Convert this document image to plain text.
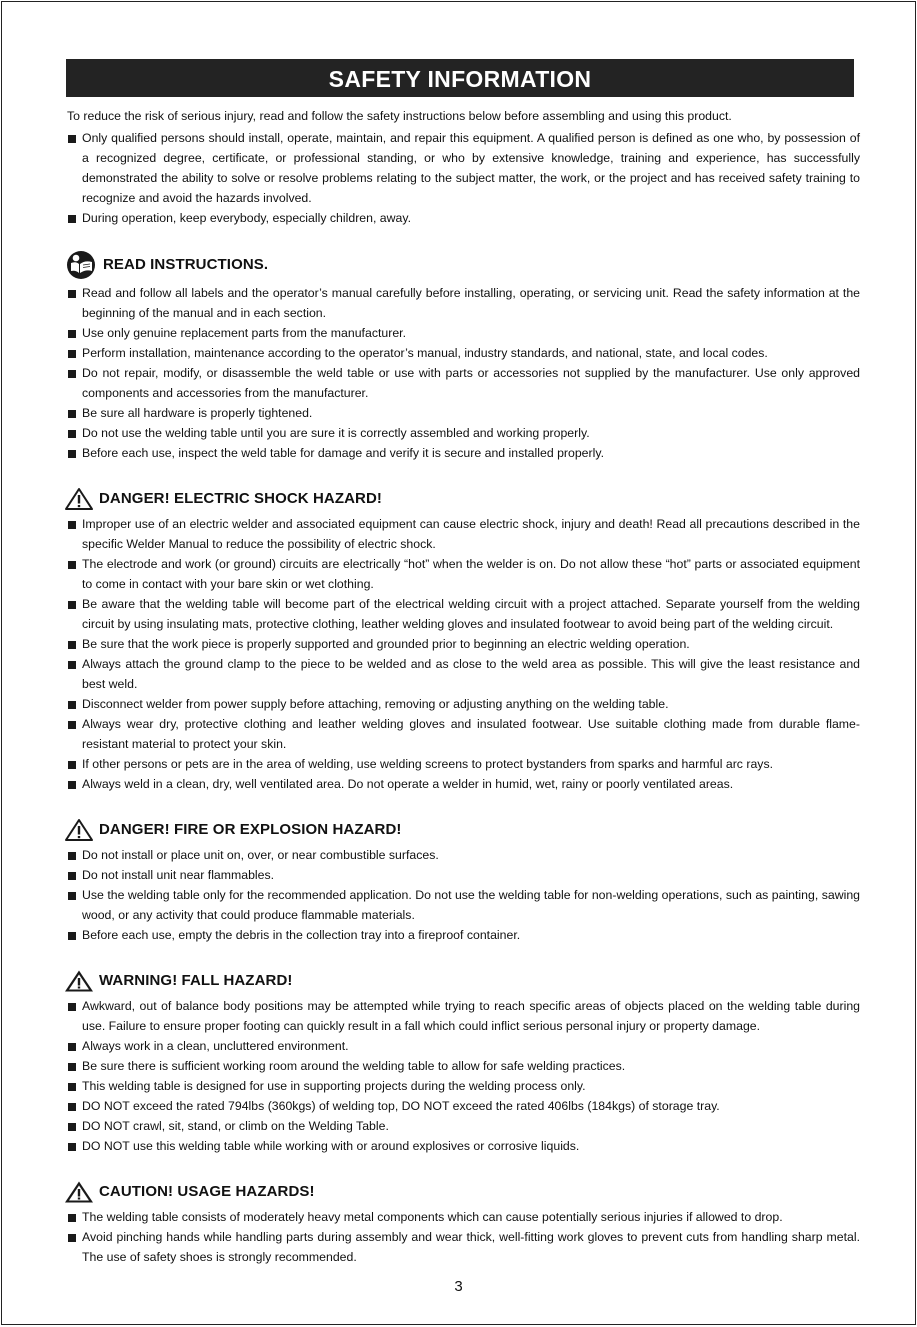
SAFETY INFORMATION

To reduce the risk of serious injury, read and follow the safety instructions below before assembling and using this product.

Only qualified persons should install, operate, maintain, and repair this equipment. A qualified person is defined as one who, by possession of a recognized degree, certificate, or professional standing, or who by extensive knowledge, training and experience, has successfully demonstrated the ability to solve or resolve problems relating to the subject matter, the work, or the project and has received safety training to recognize and avoid the hazards involved.
During operation, keep everybody, especially children, away.
READ INSTRUCTIONS.
Read and follow all labels and the operator’s manual carefully before installing, operating, or servicing unit. Read the safety information at the beginning of the manual and in each section.
Use only genuine replacement parts from the manufacturer.
Perform installation, maintenance according to the operator’s manual, industry standards, and national, state, and local codes.
Do not repair, modify, or disassemble the weld table or use with parts or accessories not supplied by the manufacturer. Use only approved components and accessories from the manufacturer.
Be sure all hardware is properly tightened.
Do not use the welding table until you are sure it is correctly assembled and working properly.
Before each use, inspect the weld table for damage and verify it is secure and installed properly.
DANGER! ELECTRIC SHOCK HAZARD!
Improper use of an electric welder and associated equipment can cause electric shock, injury and death! Read all precautions described in the specific Welder Manual to reduce the possibility of electric shock.
The electrode and work (or ground) circuits are electrically “hot” when the welder is on. Do not allow these “hot” parts or associated equipment to come in contact with your bare skin or wet clothing.
Be aware that the welding table will become part of the electrical welding circuit with a project attached. Separate yourself from the welding circuit by using insulating mats, protective clothing, leather welding gloves and insulated footwear to avoid being part of the welding circuit.
Be sure that the work piece is properly supported and grounded prior to beginning an electric welding operation.
Always attach the ground clamp to the piece to be welded and as close to the weld area as possible. This will give the least resistance and best weld.
Disconnect welder from power supply before attaching, removing or adjusting anything on the welding table.
Always wear dry, protective clothing and leather welding gloves and insulated footwear. Use suitable clothing made from durable flame-resistant material to protect your skin.
If other persons or pets are in the area of welding, use welding screens to protect bystanders from sparks and harmful arc rays.
Always weld in a clean, dry, well ventilated area. Do not operate a welder in humid, wet, rainy or poorly ventilated areas.
DANGER! FIRE OR EXPLOSION HAZARD!
Do not install or place unit on, over, or near combustible surfaces.
Do not install unit near flammables.
Use the welding table only for the recommended application. Do not use the welding table for non-welding operations, such as painting, sawing wood, or any activity that could produce flammable materials.
Before each use, empty the debris in the collection tray into a fireproof container.
WARNING! FALL HAZARD!
Awkward, out of balance body positions may be attempted while trying to reach specific areas of objects placed on the welding table during use. Failure to ensure proper footing can quickly result in a fall which could inflict serious personal injury or property damage.
Always work in a clean, uncluttered environment.
Be sure there is sufficient working room around the welding table to allow for safe welding practices.
This welding table is designed for use in supporting projects during the welding process only.
DO NOT exceed the rated 794lbs (360kgs) of welding top, DO NOT exceed the rated 406lbs (184kgs) of storage tray.
DO NOT crawl, sit, stand, or climb on the Welding Table.
DO NOT use this welding table while working with or around explosives or corrosive liquids.
CAUTION! USAGE HAZARDS!
The welding table consists of moderately heavy metal components which can cause potentially serious injuries if allowed to drop.
Avoid pinching hands while handling parts during assembly and wear thick, well-fitting work gloves to prevent cuts from handling sharp metal. The use of safety shoes is strongly recommended.
3
